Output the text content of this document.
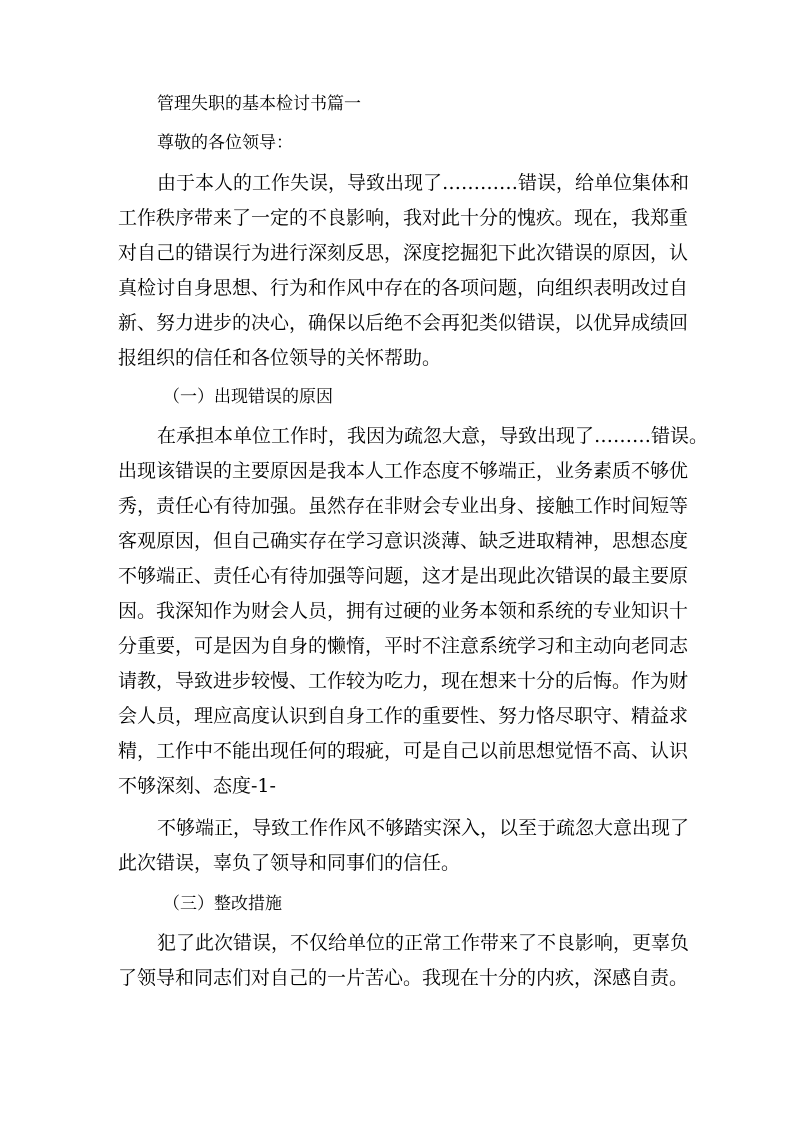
管理失职的基本检讨书篇一
尊敬的各位领导：
由于本人的工作失误，导致出现了…………错误，给单位集体和
工作秩序带来了一定的不良影响，我对此十分的愧疚。现在，我郑重
对自己的错误行为进行深刻反思，深度挖掘犯下此次错误的原因，认
真检讨自身思想、行为和作风中存在的各项问题，向组织表明改过自
新、努力进步的决心，确保以后绝不会再犯类似错误，以优异成绩回
报组织的信任和各位领导的关怀帮助。
（一）出现错误的原因
在承担本单位工作时，我因为疏忽大意，导致出现了………错误。
出现该错误的主要原因是我本人工作态度不够端正，业务素质不够优
秀，责任心有待加强。虽然存在非财会专业出身、接触工作时间短等
客观原因，但自己确实存在学习意识淡薄、缺乏进取精神，思想态度
不够端正、责任心有待加强等问题，这才是出现此次错误的最主要原
因。我深知作为财会人员，拥有过硬的业务本领和系统的专业知识十
分重要，可是因为自身的懒惰，平时不注意系统学习和主动向老同志
请教，导致进步较慢、工作较为吃力，现在想来十分的后悔。作为财
会人员，理应高度认识到自身工作的重要性、努力恪尽职守、精益求
精，工作中不能出现任何的瑕疵，可是自己以前思想觉悟不高、认识
不够深刻、态度-1-
不够端正，导致工作作风不够踏实深入，以至于疏忽大意出现了
此次错误，辜负了领导和同事们的信任。
（三）整改措施
犯了此次错误，不仅给单位的正常工作带来了不良影响，更辜负
了领导和同志们对自己的一片苦心。我现在十分的内疚，深感自责。
